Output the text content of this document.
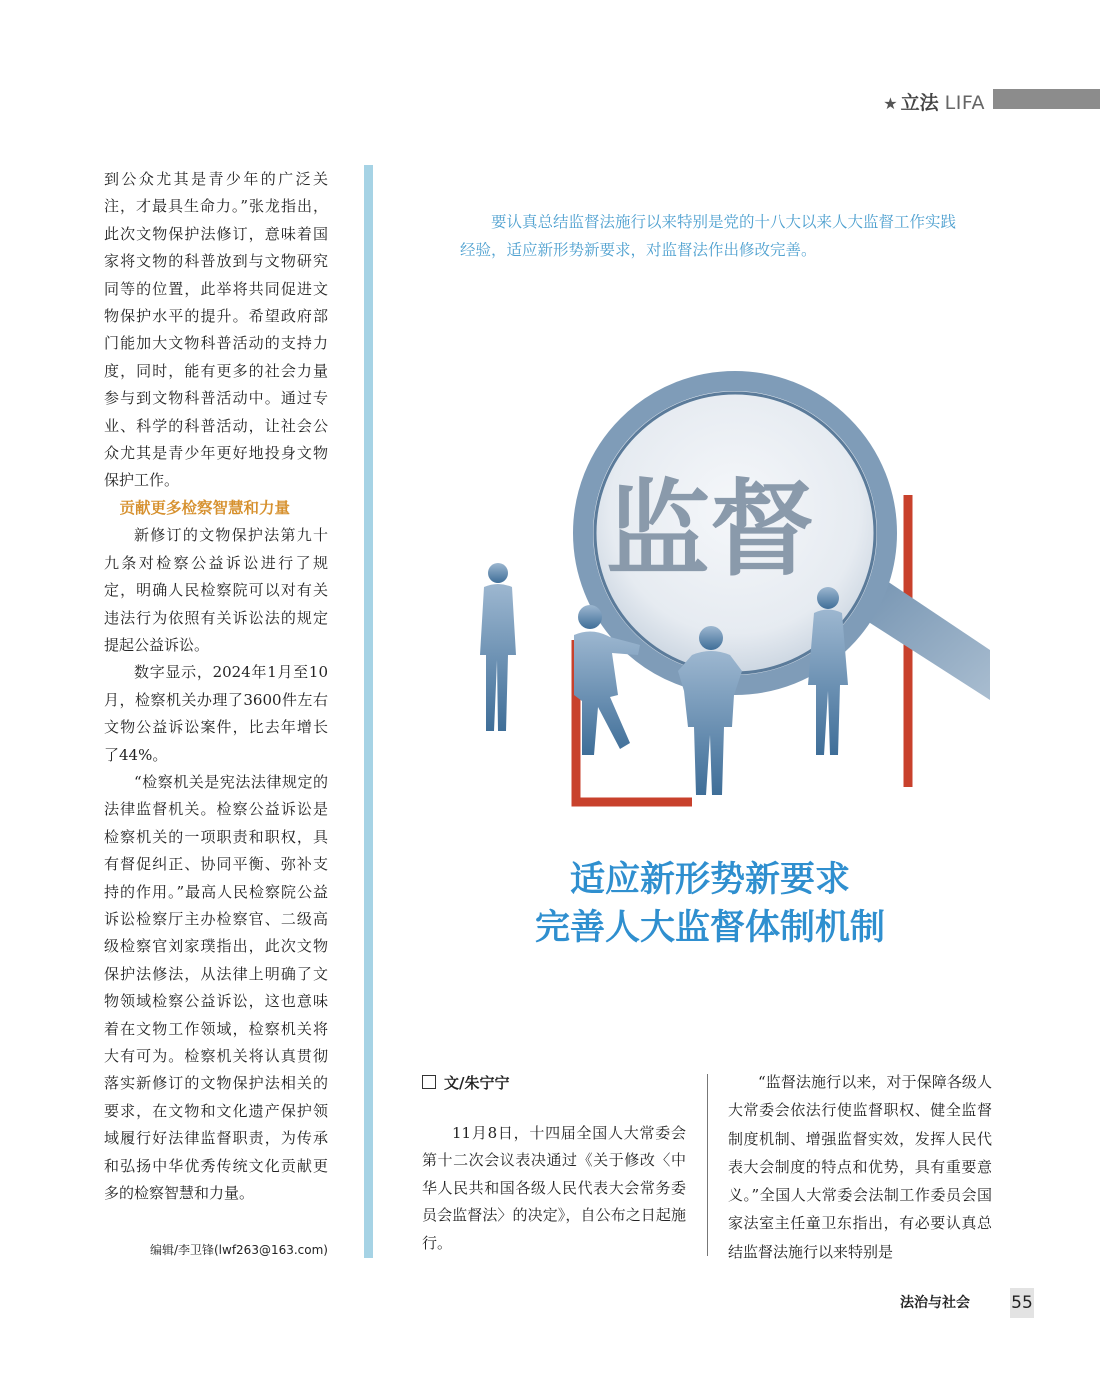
★ 立法 LIFA

到公众尤其是青少年的广泛关注，才最具生命力。”张龙指出，此次文物保护法修订，意味着国家将文物的科普放到与文物研究同等的位置，此举将共同促进文物保护水平的提升。希望政府部门能加大文物科普活动的支持力度，同时，能有更多的社会力量参与到文物科普活动中。通过专业、科学的科普活动，让社会公众尤其是青少年更好地投身文物保护工作。

贡献更多检察智慧和力量

新修订的文物保护法第九十九条对检察公益诉讼进行了规定，明确人民检察院可以对有关违法行为依照有关诉讼法的规定提起公益诉讼。

数字显示，2024年1月至10月，检察机关办理了3600件左右文物公益诉讼案件，比去年增长了44%。

“检察机关是宪法法律规定的法律监督机关。检察公益诉讼是检察机关的一项职责和职权，具有督促纠正、协同平衡、弥补支持的作用。”最高人民检察院公益诉讼检察厅主办检察官、二级高级检察官刘家璞指出，此次文物保护法修法，从法律上明确了文物领域检察公益诉讼，这也意味着在文物工作领域，检察机关将大有可为。检察机关将认真贯彻落实新修订的文物保护法相关的要求，在文物和文化遗产保护领域履行好法律监督职责，为传承和弘扬中华优秀传统文化贡献更多的检察智慧和力量。

编辑/李卫锋(lwf263@163.com)
要认真总结监督法施行以来特别是党的十八大以来人大监督工作实践经验，适应新形势新要求，对监督法作出修改完善。
监督
适应新形势新要求
完善人大监督体制机制
文/朱宁宁

11月8日，十四届全国人大常委会第十二次会议表决通过《关于修改〈中华人民共和国各级人民代表大会常务委员会监督法〉的决定》，自公布之日起施行。

“监督法施行以来，对于保障各级人大常委会依法行使监督职权、健全监督制度机制、增强监督实效，发挥人民代表大会制度的特点和优势，具有重要意义。”全国人大常委会法制工作委员会国家法室主任童卫东指出，有必要认真总结监督法施行以来特别是

法治与社会 55
